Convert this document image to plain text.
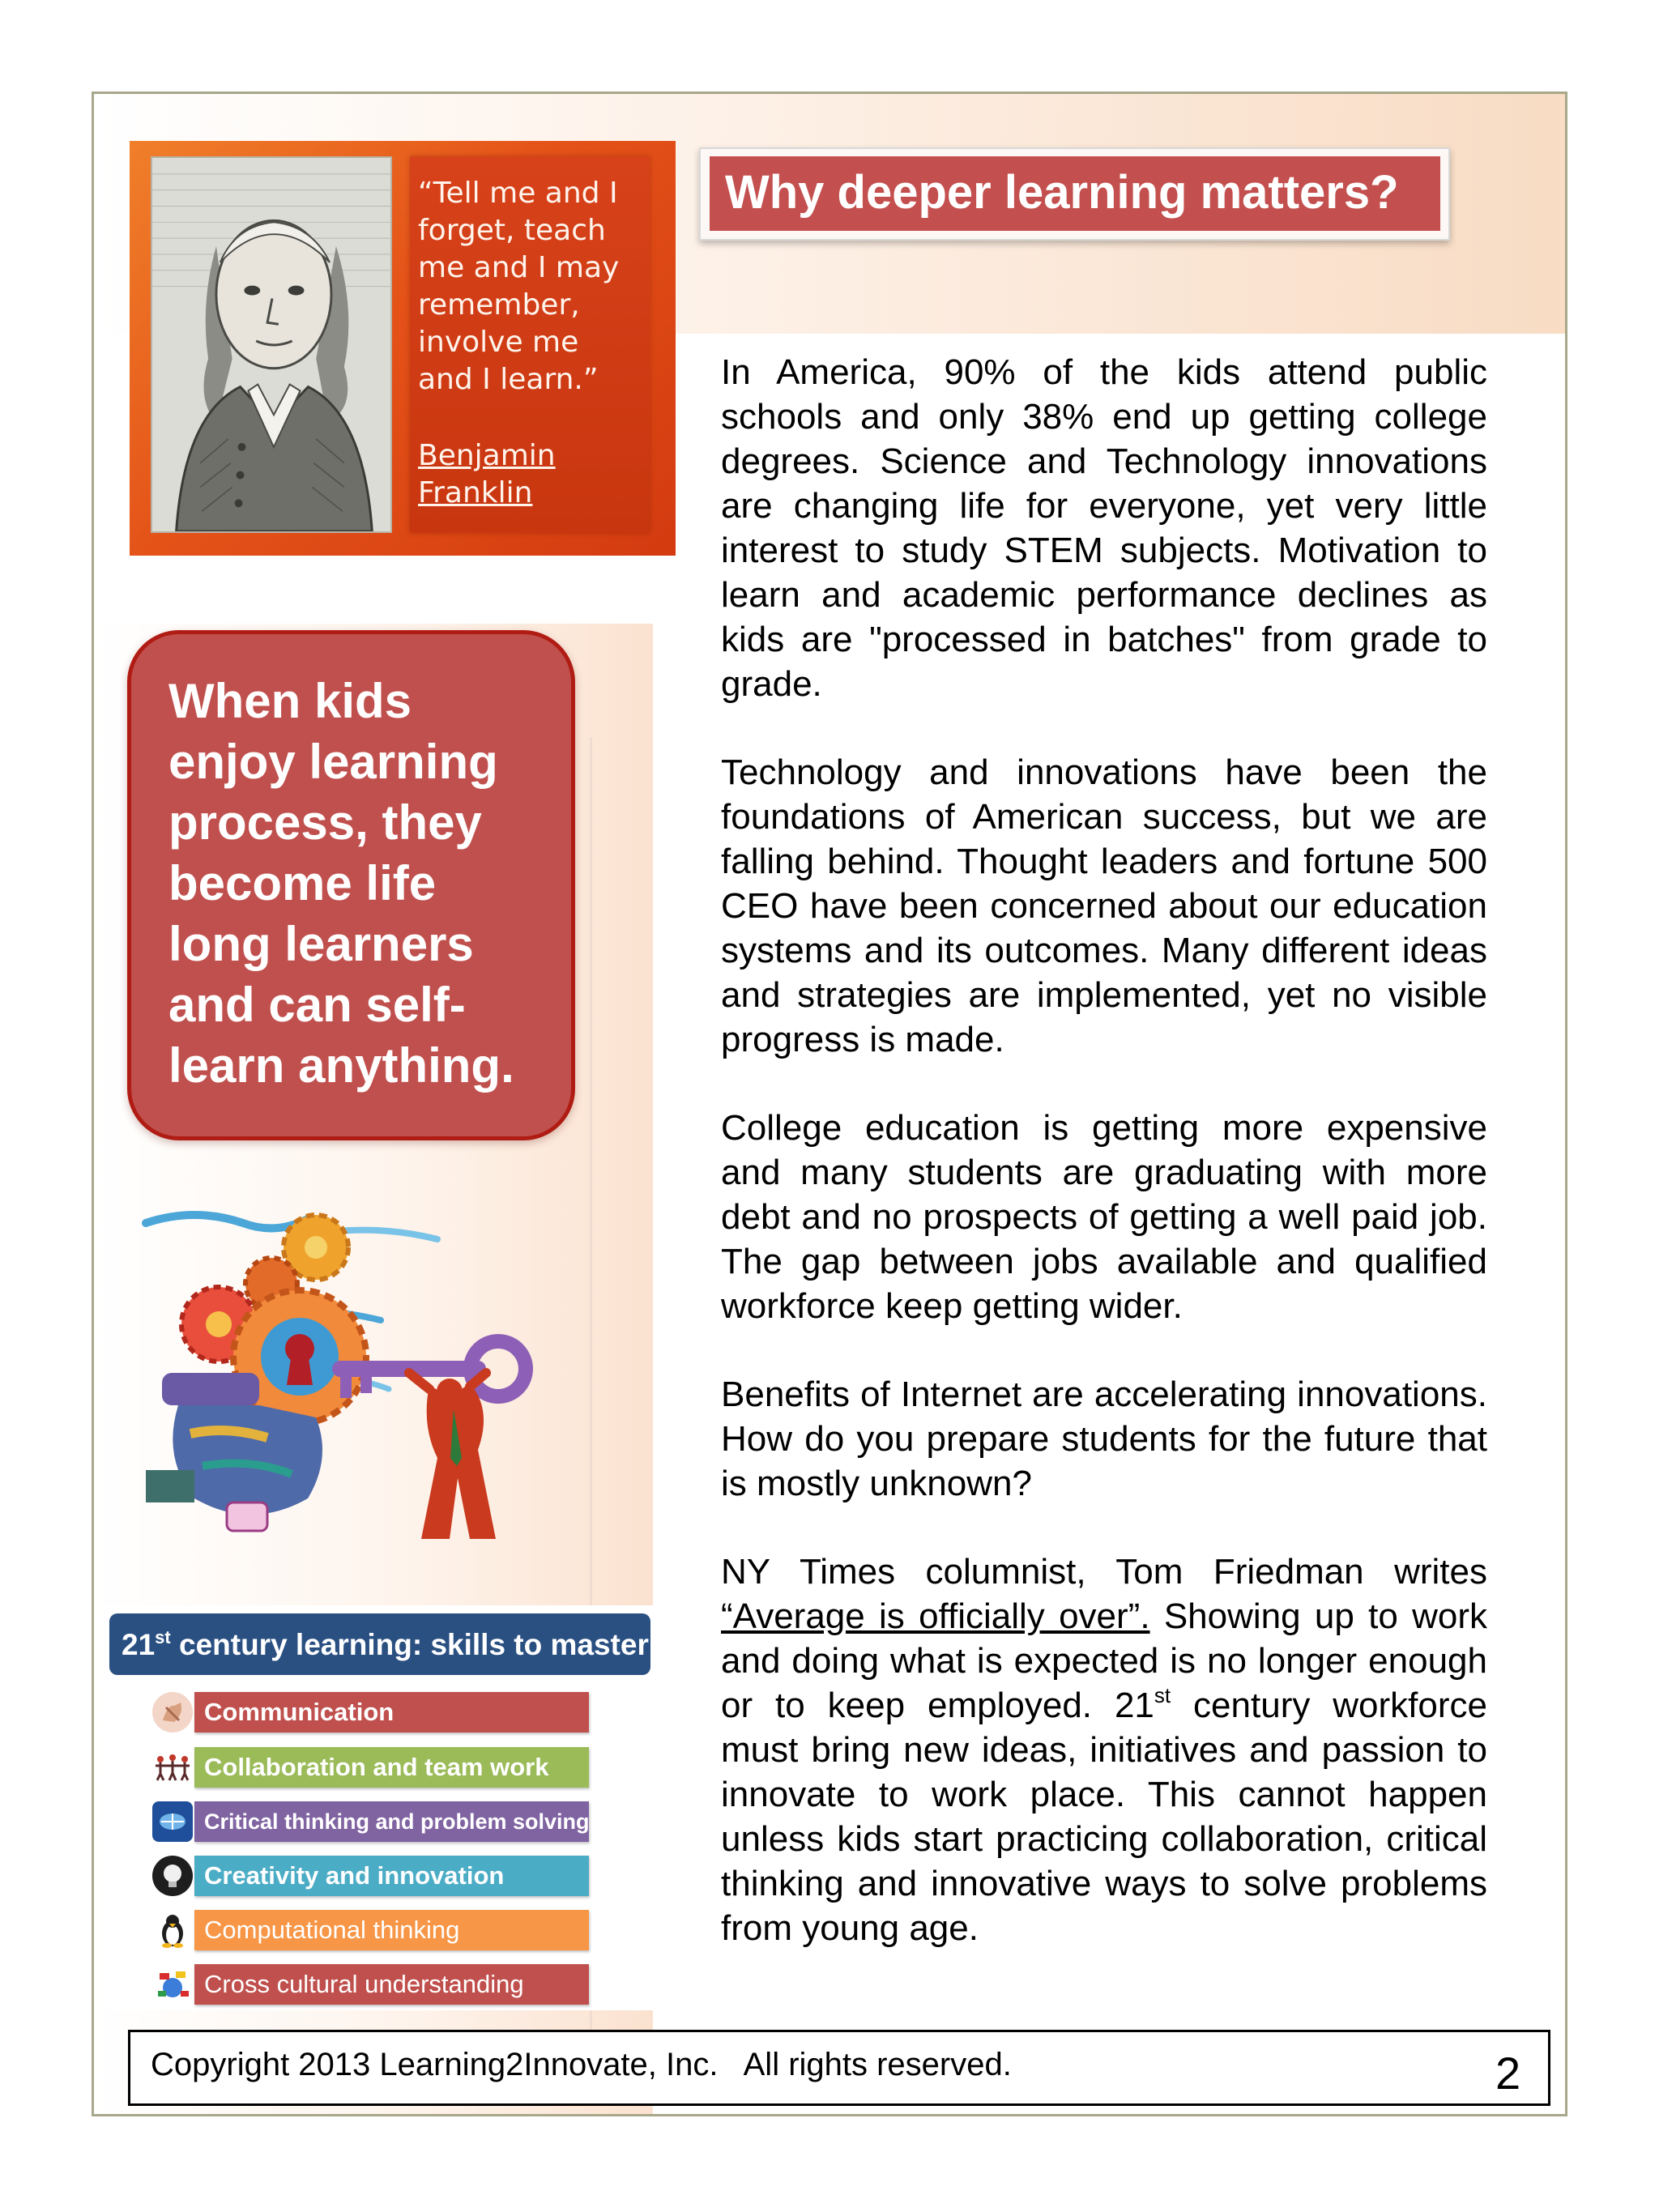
“Tell me and I
forget, teach
me and I may
remember,
involve me
and I learn.”

Benjamin
Franklin
Why deeper learning matters?

When kids
enjoy learning
process, they
become life
long learners
and can self-
learn anything.

21st century learning: skills to master
Communication
Collaboration and team work
Critical thinking and problem solving
Creativity and innovation
Computational thinking
Cross cultural understanding

In America, 90% of the kids attend public schools and only 38% end up getting college degrees. Science and Technology innovations are changing life for everyone, yet very little interest to study STEM subjects. Motivation to learn and academic performance declines as kids are "processed in batches" from grade to grade.

Technology and innovations have been the foundations of American success, but we are falling behind. Thought leaders and fortune 500 CEO have been concerned about our education systems and its outcomes. Many different ideas and strategies are implemented, yet no visible progress is made.

College education is getting more expensive and many students are graduating with more debt and no prospects of getting a well paid job. The gap between jobs available and qualified workforce keep getting wider.

Benefits of Internet are accelerating innovations. How do you prepare students for the future that is mostly unknown?

NY Times columnist, Tom Friedman writes “Average is officially over”. Showing up to work and doing what is expected is no longer enough or to keep employed. 21st century workforce must bring new ideas, initiatives and passion to innovate to work place. This cannot happen unless kids start practicing collaboration, critical thinking and innovative ways to solve problems from young age.

Copyright 2013 Learning2Innovate, Inc.   All rights reserved.	2
